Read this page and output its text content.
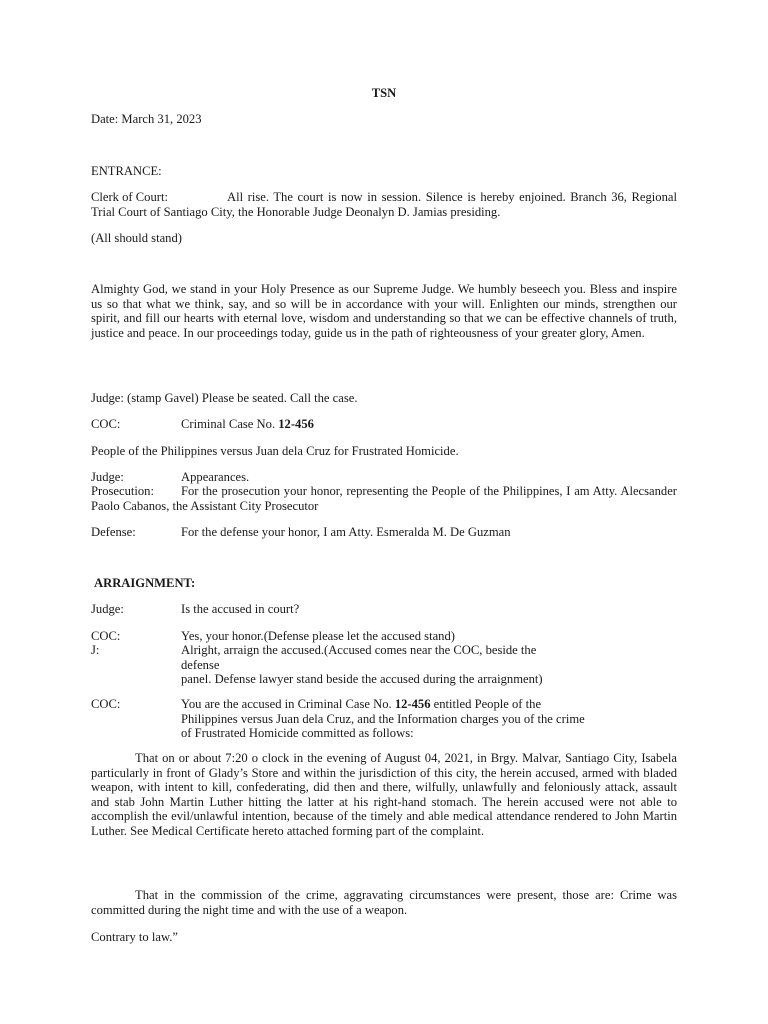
TSN

Date: March 31, 2023

ENTRANCE:

Clerk of Court:	All rise. The court is now in session. Silence is hereby enjoined. Branch 36, Regional Trial Court of Santiago City, the Honorable Judge Deonalyn D. Jamias presiding.

(All should stand)

Almighty God, we stand in your Holy Presence as our Supreme Judge. We humbly beseech you. Bless and inspire us so that what we think, say, and so will be in accordance with your will. Enlighten our minds, strengthen our spirit, and fill our hearts with eternal love, wisdom and understanding so that we can be effective channels of truth, justice and peace. In our proceedings today, guide us in the path of righteousness of your greater glory, Amen.

Judge: (stamp Gavel) Please be seated. Call the case.

COC:	Criminal Case No. 12-456

People of the Philippines versus Juan dela Cruz for Frustrated Homicide.

Judge:	Appearances.
Prosecution: For the prosecution your honor, representing the People of the Philippines, I am Atty. Alecsander Paolo Cabanos, the Assistant City Prosecutor
Defense:	For the defense your honor, I am Atty. Esmeralda M. De Guzman

ARRAIGNMENT:

Judge:	Is the accused in court?
COC:	Yes, your honor.(Defense please let the accused stand)
J:	Alright, arraign the accused.(Accused comes near the COC, beside the
defense
panel. Defense lawyer stand beside the accused during the arraignment)
COC:	You are the accused in Criminal Case No. 12-456 entitled People of the
Philippines versus Juan dela Cruz, and the Information charges you of the crime
of Frustrated Homicide committed as follows:

That on or about 7:20 o clock in the evening of August 04, 2021, in Brgy. Malvar, Santiago City, Isabela particularly in front of Glady’s Store and within the jurisdiction of this city, the herein accused, armed with bladed weapon, with intent to kill, confederating, did then and there, wilfully, unlawfully and feloniously attack, assault and stab John Martin Luther hitting the latter at his right-hand stomach. The herein accused were not able to accomplish the evil/unlawful intention, because of the timely and able medical attendance rendered to John Martin Luther. See Medical Certificate hereto attached forming part of the complaint.

That in the commission of the crime, aggravating circumstances were present, those are: Crime was committed during the night time and with the use of a weapon.

Contrary to law.”
